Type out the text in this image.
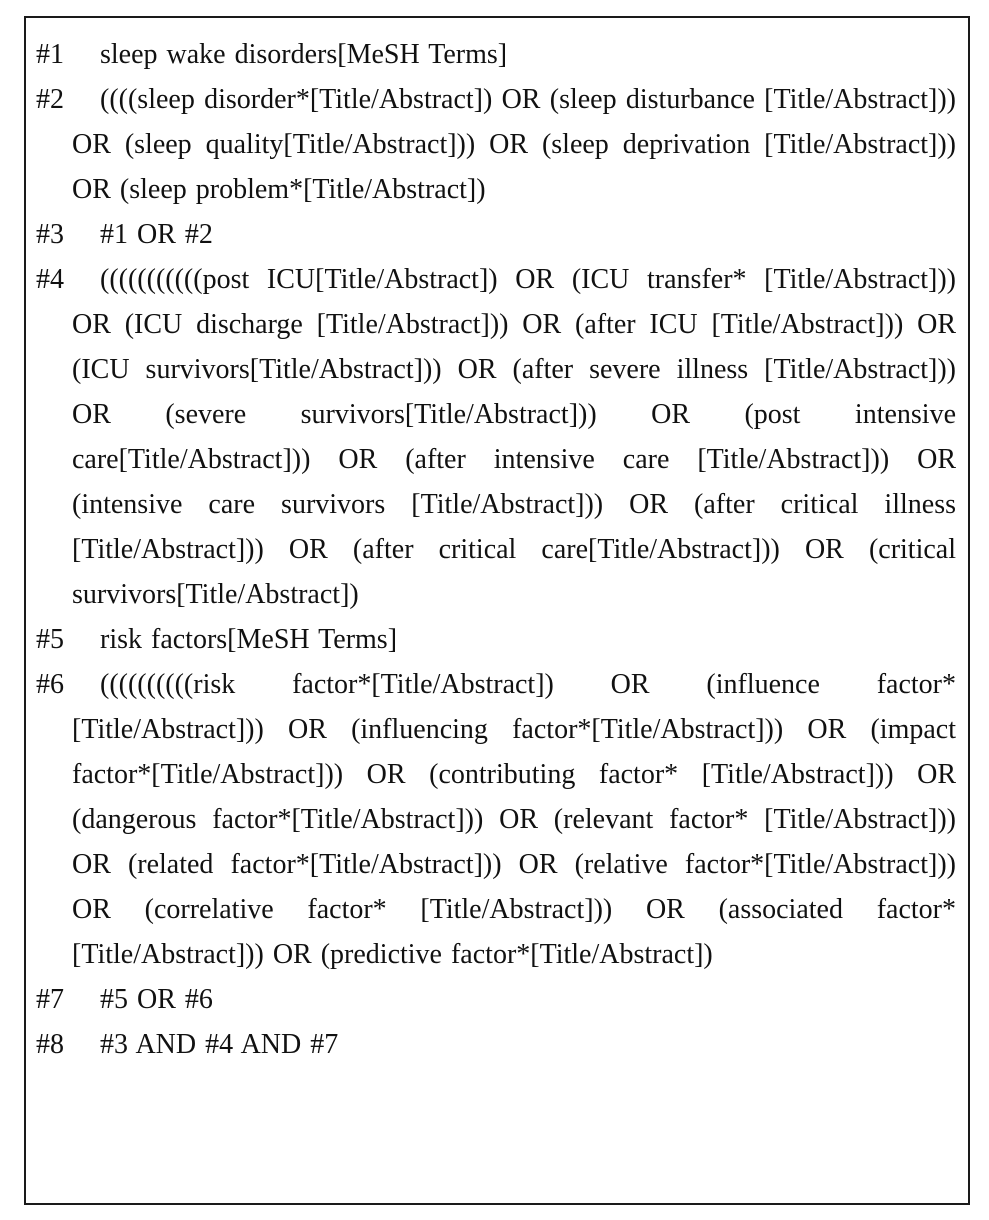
#1 sleep wake disorders[MeSH Terms]
#2 ((((sleep disorder*[Title/Abstract]) OR (sleep disturbance [Title/Abstract])) OR (sleep quality[Title/Abstract])) OR (sleep deprivation [Title/Abstract])) OR (sleep problem*[Title/Abstract])
#3 #1 OR #2
#4 (((((((((((post ICU[Title/Abstract]) OR (ICU transfer* [Title/Abstract])) OR (ICU discharge [Title/Abstract])) OR (after ICU [Title/Abstract])) OR (ICU survivors[Title/Abstract])) OR (after severe illness [Title/Abstract])) OR (severe survivors[Title/Abstract])) OR (post intensive care[Title/Abstract])) OR (after intensive care [Title/Abstract])) OR (intensive care survivors [Title/Abstract])) OR (after critical illness [Title/Abstract])) OR (after critical care[Title/Abstract])) OR (critical survivors[Title/Abstract])
#5 risk factors[MeSH Terms]
#6 ((((((((((risk factor*[Title/Abstract]) OR (influence factor*[Title/Abstract])) OR (influencing factor*[Title/Abstract])) OR (impact factor*[Title/Abstract])) OR (contributing factor* [Title/Abstract])) OR (dangerous factor*[Title/Abstract])) OR (relevant factor* [Title/Abstract])) OR (related factor*[Title/Abstract])) OR (relative factor*[Title/Abstract])) OR (correlative factor* [Title/Abstract])) OR (associated factor*[Title/Abstract])) OR (predictive factor*[Title/Abstract])
#7 #5 OR #6
#8 #3 AND #4 AND #7
